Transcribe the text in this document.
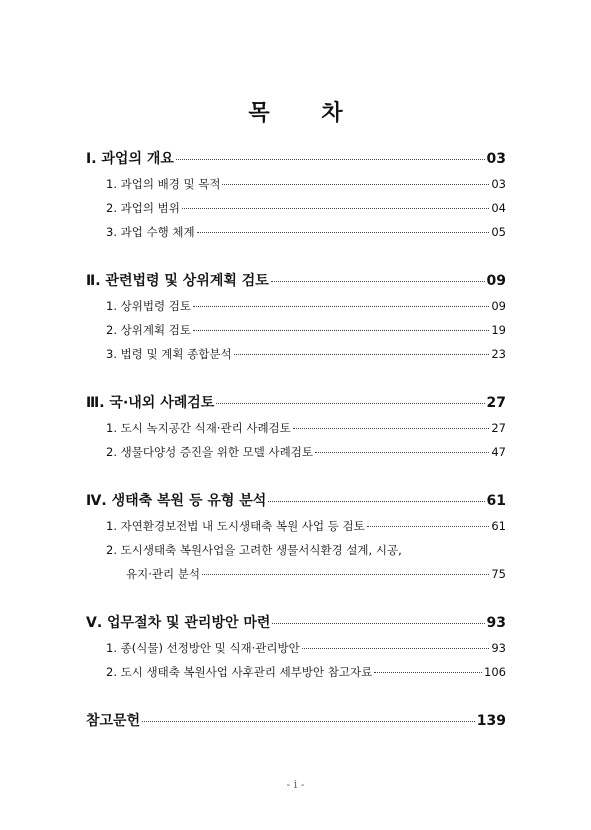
목 차
Ⅰ. 과업의 개요	03
1. 과업의 배경 및 목적	03
2. 과업의 범위	04
3. 과업 수행 체계	05
Ⅱ. 관련법령 및 상위계획 검토	09
1. 상위법령 검토	09
2. 상위계획 검토	19
3. 법령 및 계획 종합분석	23
Ⅲ. 국·내외 사례검토	27
1. 도시 녹지공간 식재·관리 사례검토	27
2. 생물다양성 증진을 위한 모델 사례검토	47
Ⅳ. 생태축 복원 등 유형 분석	61
1. 자연환경보전법 내 도시생태축 복원 사업 등 검토	61
2. 도시생태축 복원사업을 고려한 생물서식환경 설계, 시공,
유지·관리 분석	75
Ⅴ. 업무절차 및 관리방안 마련	93
1. 종(식물) 선정방안 및 식재·관리방안	93
2. 도시 생태축 복원사업 사후관리 세부방안 참고자료	106
참고문헌	139
- i -
